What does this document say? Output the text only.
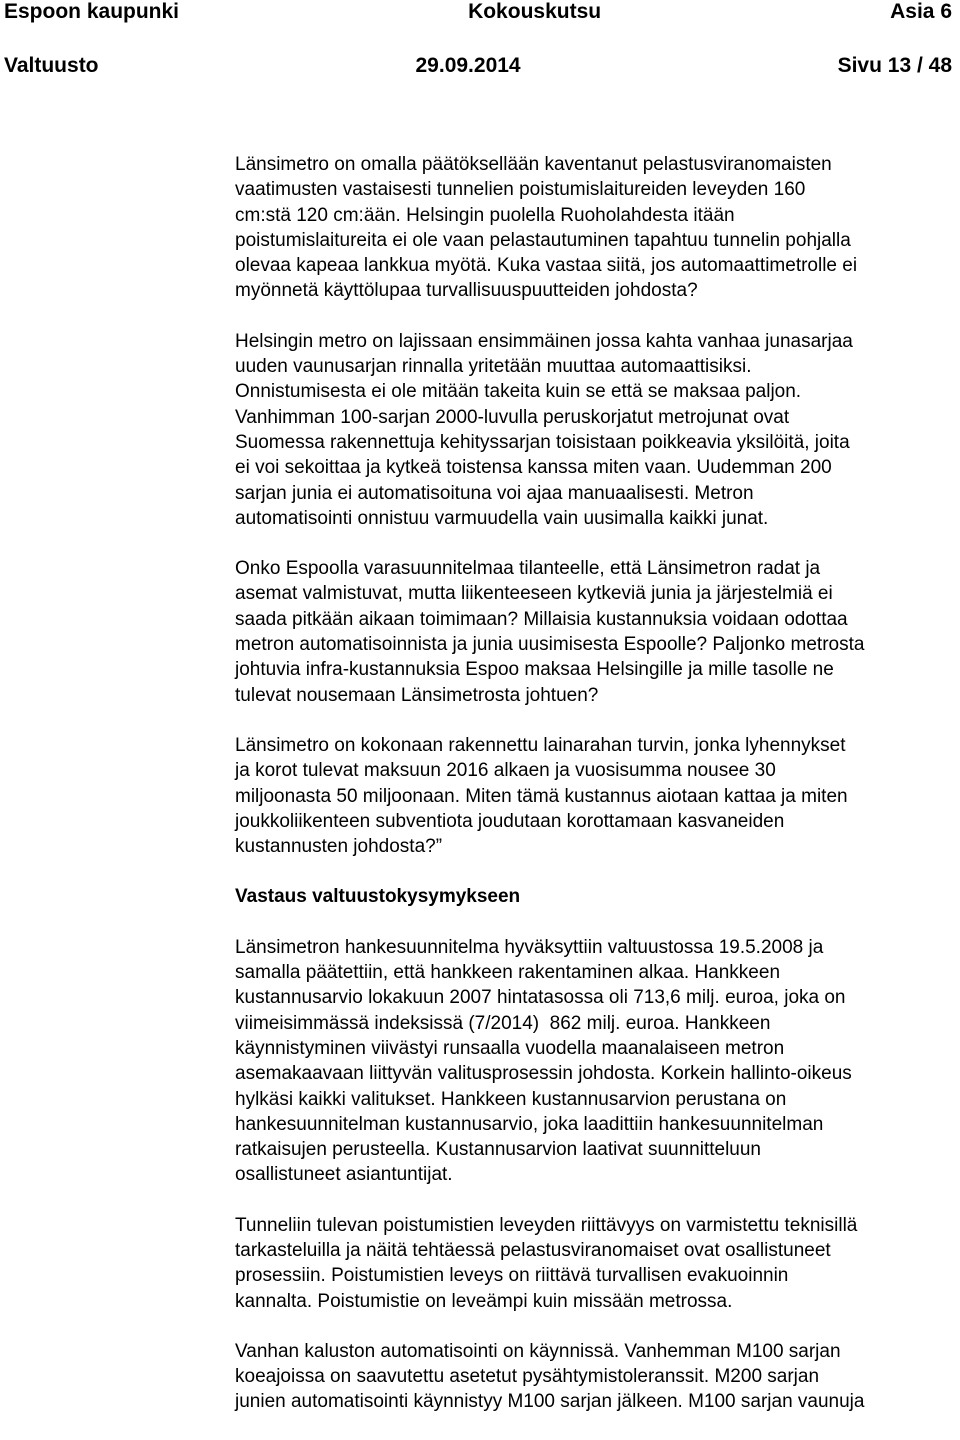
Espoon kaupunki	Kokouskutsu	Asia 6
Valtuusto	29.09.2014	Sivu 13 / 48
Länsimetro on omalla päätöksellään kaventanut pelastusviranomaisten
vaatimusten vastaisesti tunnelien poistumislaitureiden leveyden 160
cm:stä 120 cm:ään. Helsingin puolella Ruoholahdesta itään
poistumislaitureita ei ole vaan pelastautuminen tapahtuu tunnelin pohjalla
olevaa kapeaa lankkua myötä. Kuka vastaa siitä, jos automaattimetrolle ei
myönnetä käyttölupaa turvallisuuspuutteiden johdosta?
Helsingin metro on lajissaan ensimmäinen jossa kahta vanhaa junasarjaa
uuden vaunusarjan rinnalla yritetään muuttaa automaattisiksi.
Onnistumisesta ei ole mitään takeita kuin se että se maksaa paljon.
Vanhimman 100-sarjan 2000-luvulla peruskorjatut metrojunat ovat
Suomessa rakennettuja kehityssarjan toisistaan poikkeavia yksilöitä, joita
ei voi sekoittaa ja kytkeä toistensa kanssa miten vaan. Uudemman 200
sarjan junia ei automatisoituna voi ajaa manuaalisesti. Metron
automatisointi onnistuu varmuudella vain uusimalla kaikki junat.
Onko Espoolla varasuunnitelmaa tilanteelle, että Länsimetron radat ja
asemat valmistuvat, mutta liikenteeseen kytkeviä junia ja järjestelmiä ei
saada pitkään aikaan toimimaan? Millaisia kustannuksia voidaan odottaa
metron automatisoinnista ja junia uusimisesta Espoolle? Paljonko metrosta
johtuvia infra-kustannuksia Espoo maksaa Helsingille ja mille tasolle ne
tulevat nousemaan Länsimetrosta johtuen?
Länsimetro on kokonaan rakennettu lainarahan turvin, jonka lyhennykset
ja korot tulevat maksuun 2016 alkaen ja vuosisumma nousee 30
miljoonasta 50 miljoonaan. Miten tämä kustannus aiotaan kattaa ja miten
joukkoliikenteen subventiota joudutaan korottamaan kasvaneiden
kustannusten johdosta?”
Vastaus valtuustokysymykseen
Länsimetron hankesuunnitelma hyväksyttiin valtuustossa 19.5.2008 ja
samalla päätettiin, että hankkeen rakentaminen alkaa. Hankkeen
kustannusarvio lokakuun 2007 hintatasossa oli 713,6 milj. euroa, joka on
viimeisimmässä indeksissä (7/2014)  862 milj. euroa. Hankkeen
käynnistyminen viivästyi runsaalla vuodella maanalaiseen metron
asemakaavaan liittyvän valitusprosessin johdosta. Korkein hallinto-oikeus
hylkäsi kaikki valitukset. Hankkeen kustannusarvion perustana on
hankesuunnitelman kustannusarvio, joka laadittiin hankesuunnitelman
ratkaisujen perusteella. Kustannusarvion laativat suunnitteluun
osallistuneet asiantuntijat.
Tunneliin tulevan poistumistien leveyden riittävyys on varmistettu teknisillä
tarkasteluilla ja näitä tehtäessä pelastusviranomaiset ovat osallistuneet
prosessiin. Poistumistien leveys on riittävä turvallisen evakuoinnin
kannalta. Poistumistie on leveämpi kuin missään metrossa.
Vanhan kaluston automatisointi on käynnissä. Vanhemman M100 sarjan
koeajoissa on saavutettu asetetut pysähtymistoleranssit. M200 sarjan
junien automatisointi käynnistyy M100 sarjan jälkeen. M100 sarjan vaunuja
